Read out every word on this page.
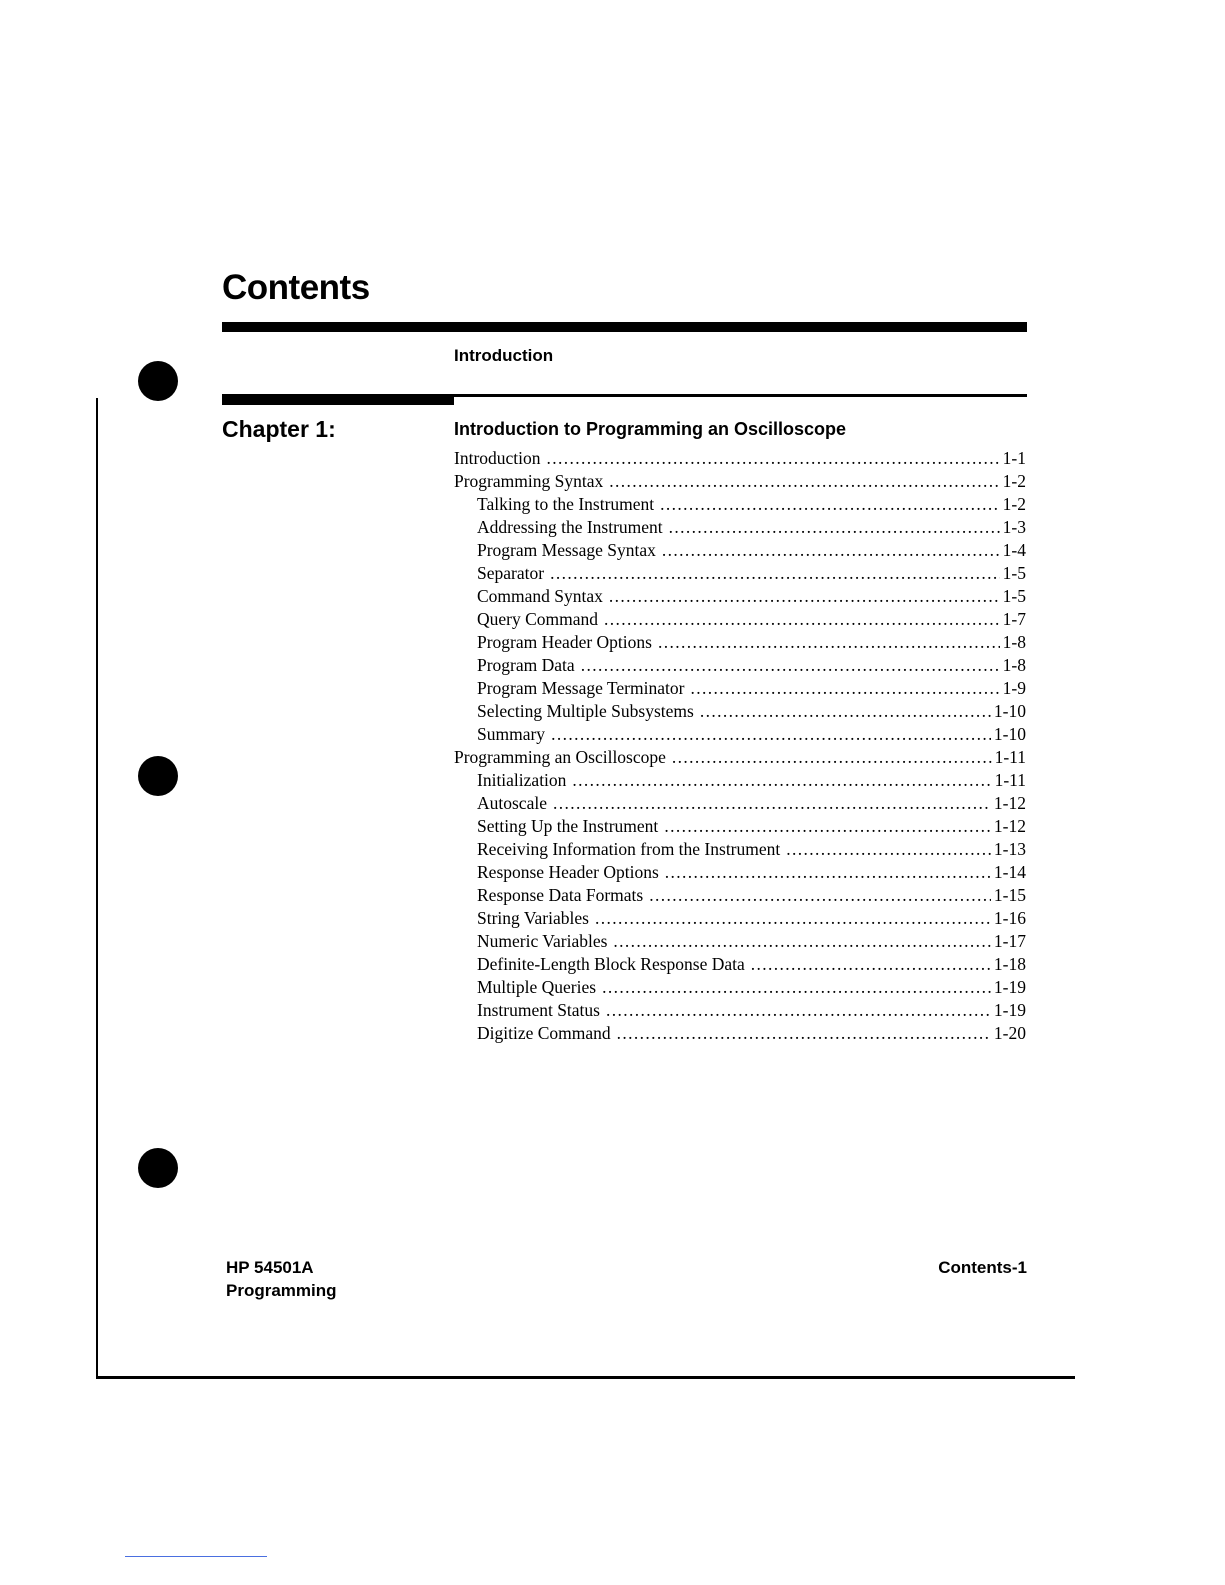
Contents
Introduction
Chapter 1:	Introduction to Programming an Oscilloscope
Introduction . . .	1-1
Programming Syntax . . .	1-2
Talking to the Instrument . . .	1-2
Addressing the Instrument . . .	1-3
Program Message Syntax . . .	1-4
Separator . . .	1-5
Command Syntax . . .	1-5
Query Command . . .	1-7
Program Header Options . . .	1-8
Program Data . . .	1-8
Program Message Terminator . . .	1-9
Selecting Multiple Subsystems . . .	1-10
Summary . . .	1-10
Programming an Oscilloscope . . .	1-11
Initialization . . .	1-11
Autoscale . . .	1-12
Setting Up the Instrument . . .	1-12
Receiving Information from the Instrument . . .	1-13
Response Header Options . . .	1-14
Response Data Formats . . .	1-15
String Variables . . .	1-16
Numeric Variables . . .	1-17
Definite-Length Block Response Data . . .	1-18
Multiple Queries . . .	1-19
Instrument Status . . .	1-19
Digitize Command . . .	1-20
HP 54501A
Programming
Contents-1
